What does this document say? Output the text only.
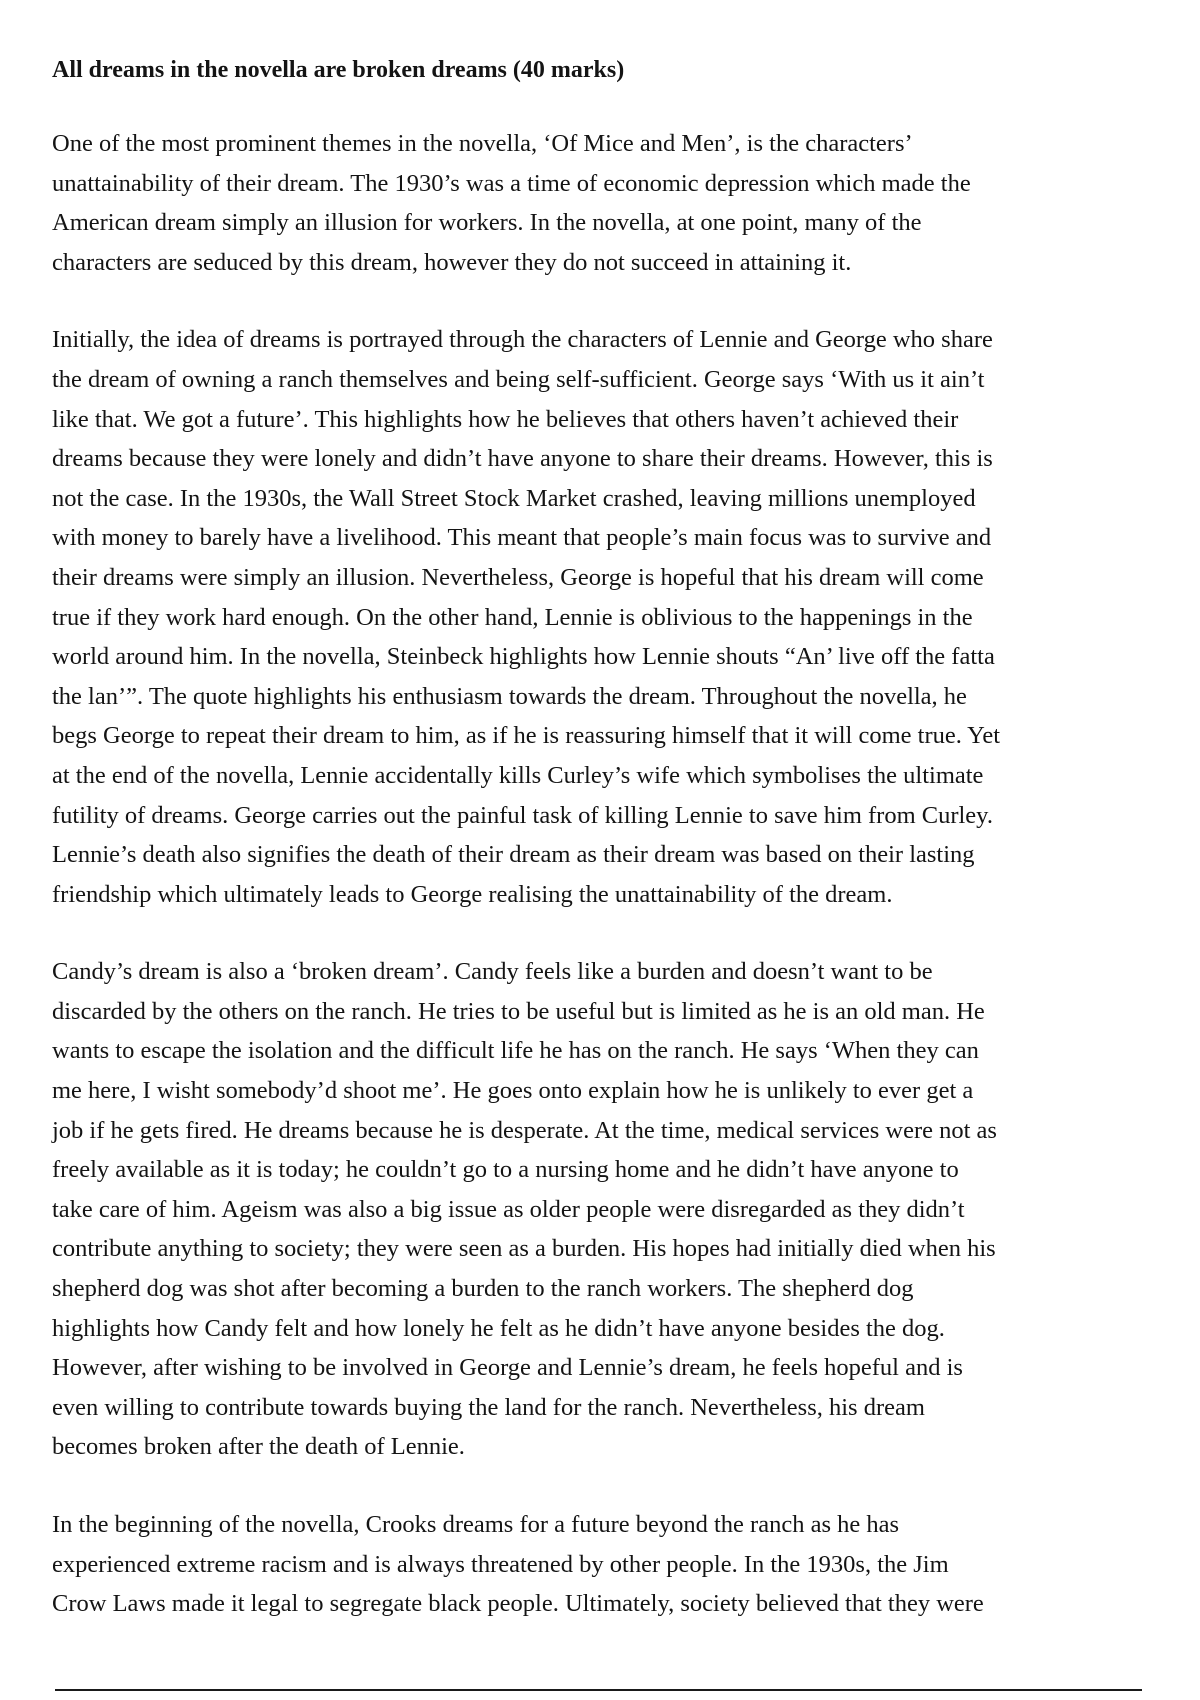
All dreams in the novella are broken dreams (40 marks)
One of the most prominent themes in the novella, ‘Of Mice and Men’, is the characters’
unattainability of their dream. The 1930’s was a time of economic depression which made the
American dream simply an illusion for workers. In the novella, at one point, many of the
characters are seduced by this dream, however they do not succeed in attaining it.
Initially, the idea of dreams is portrayed through the characters of Lennie and George who share
the dream of owning a ranch themselves and being self-sufficient. George says ‘With us it ain’t
like that. We got a future’. This highlights how he believes that others haven’t achieved their
dreams because they were lonely and didn’t have anyone to share their dreams. However, this is
not the case. In the 1930s, the Wall Street Stock Market crashed, leaving millions unemployed
with money to barely have a livelihood. This meant that people’s main focus was to survive and
their dreams were simply an illusion. Nevertheless, George is hopeful that his dream will come
true if they work hard enough. On the other hand, Lennie is oblivious to the happenings in the
world around him. In the novella, Steinbeck highlights how Lennie shouts “An’ live off the fatta
the lan’”. The quote highlights his enthusiasm towards the dream. Throughout the novella, he
begs George to repeat their dream to him, as if he is reassuring himself that it will come true. Yet
at the end of the novella, Lennie accidentally kills Curley’s wife which symbolises the ultimate
futility of dreams. George carries out the painful task of killing Lennie to save him from Curley.
Lennie’s death also signifies the death of their dream as their dream was based on their lasting
friendship which ultimately leads to George realising the unattainability of the dream.
Candy’s dream is also a ‘broken dream’. Candy feels like a burden and doesn’t want to be
discarded by the others on the ranch. He tries to be useful but is limited as he is an old man. He
wants to escape the isolation and the difficult life he has on the ranch. He says ‘When they can
me here, I wisht somebody’d shoot me’. He goes onto explain how he is unlikely to ever get a
job if he gets fired. He dreams because he is desperate. At the time, medical services were not as
freely available as it is today; he couldn’t go to a nursing home and he didn’t have anyone to
take care of him. Ageism was also a big issue as older people were disregarded as they didn’t
contribute anything to society; they were seen as a burden. His hopes had initially died when his
shepherd dog was shot after becoming a burden to the ranch workers. The shepherd dog
highlights how Candy felt and how lonely he felt as he didn’t have anyone besides the dog.
However, after wishing to be involved in George and Lennie’s dream, he feels hopeful and is
even willing to contribute towards buying the land for the ranch. Nevertheless, his dream
becomes broken after the death of Lennie.
In the beginning of the novella, Crooks dreams for a future beyond the ranch as he has
experienced extreme racism and is always threatened by other people. In the 1930s, the Jim
Crow Laws made it legal to segregate black people. Ultimately, society believed that they were
